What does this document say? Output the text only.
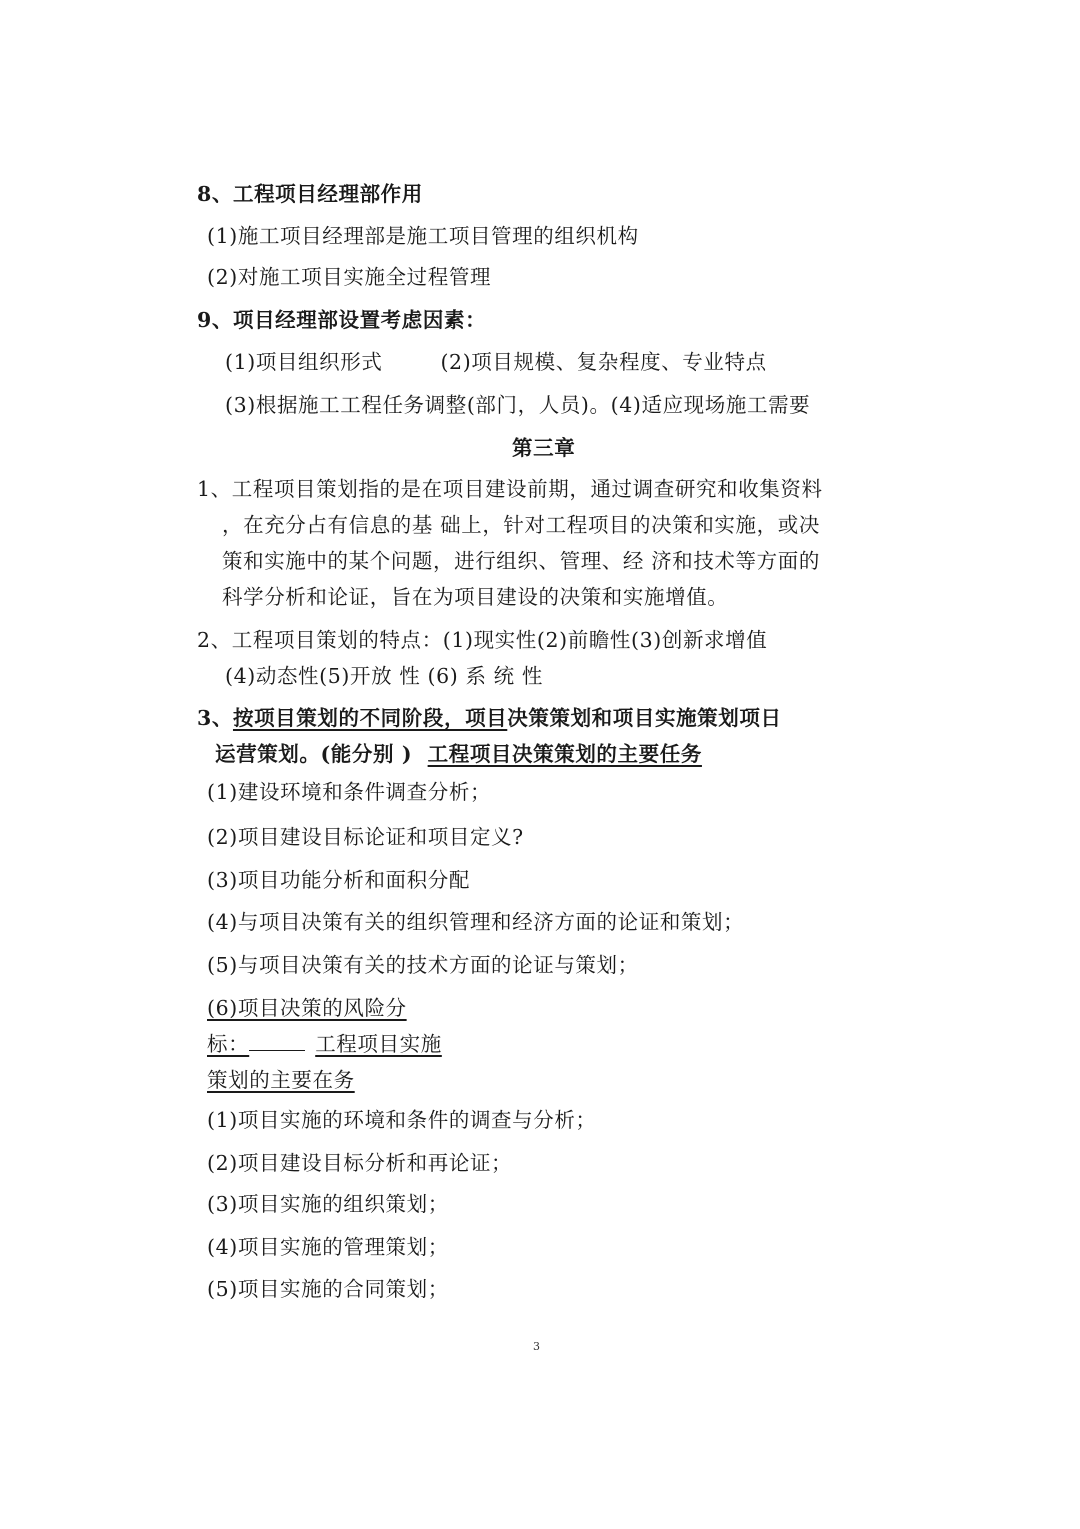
8、工程项目经理部作用
(1)施工项目经理部是施工项目管理的组织机构
(2)对施工项目实施全过程管理
9、项目经理部设置考虑因素：
(1)项目组织形式	(2)项目规模、复杂程度、专业特点
(3)根据施工工程任务调整(部门，人员)。(4)适应现场施工需要
第三章
1、工程项目策划指的是在项目建设前期，通过调查研究和收集资料
，在充分占有信息的基 础上，针对工程项目的决策和实施，或决
策和实施中的某个问题，进行组织、管理、经 济和技术等方面的
科学分析和论证，旨在为项目建设的决策和实施增值。
2、工程项目策划的特点：(1)现实性(2)前瞻性(3)创新求增值
(4)动态性(5)开放 性 (6) 系 统 性
3、按项目策划的不同阶段，项目决策策划和项目实施策划项日
运营策划。(能分别 ) 工程项目决策策划的主要任务
(1)建设环境和条件调查分析；
(2)项目建设目标论证和项目定义?
(3)项目功能分析和面积分配
(4)与项目决策有关的组织管理和经济方面的论证和策划；
(5)与项目决策有关的技术方面的论证与策划；
(6)项目决策的风险分
标：	工程项目实施
策划的主要在务
(1)项目实施的环境和条件的调查与分析；
(2)项目建设目标分析和再论证；
(3)项目实施的组织策划；
(4)项目实施的管理策划；
(5)项目实施的合同策划；
3
